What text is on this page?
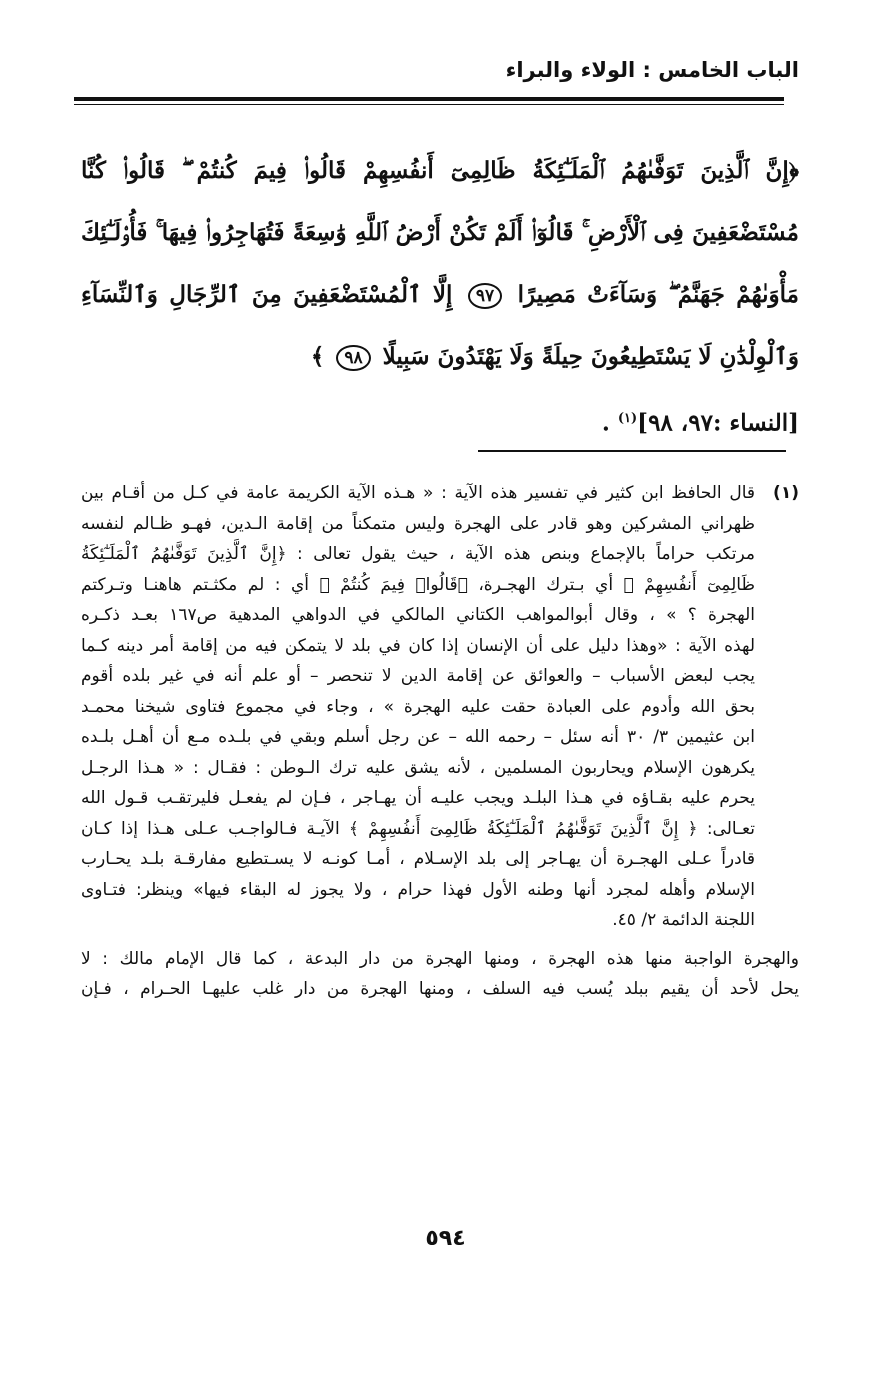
الباب الخامس : الولاء والبراء
﴿إِنَّ ٱلَّذِينَ تَوَفَّىٰهُمُ ٱلْمَلَـٰٓئِكَةُ ظَالِمِىٓ أَنفُسِهِمْ قَالُوا۟ فِيمَ كُنتُمْ ۖ قَالُوا۟ كُنَّا مُسْتَضْعَفِينَ فِى ٱلْأَرْضِ ۚ قَالُوٓا۟ أَلَمْ تَكُنْ أَرْضُ ٱللَّهِ وَٰسِعَةً فَتُهَاجِرُوا۟ فِيهَا ۚ فَأُو۟لَـٰٓئِكَ مَأْوَىٰهُمْ جَهَنَّمُ ۖ وَسَآءَتْ مَصِيرًا ٩٧ إِلَّا ٱلْمُسْتَضْعَفِينَ مِنَ ٱلرِّجَالِ وَٱلنِّسَآءِ وَٱلْوِلْدَٰنِ لَا يَسْتَطِيعُونَ حِيلَةً وَلَا يَهْتَدُونَ سَبِيلًا ٩٨ ﴾
[النساء :٩٧، ٩٨]$^{(١)}$ .
(١)
قال الحافظ ابن كثير في تفسير هذه الآية : « هـذه الآية الكريمة عامة في كـل من أقـام بين
ظهراني المشركين وهو قادر على الهجرة وليس متمكناً من إقامة الـدين، فهـو ظـالم لنفسه
مرتكب حراماً بالإجماع وبنص هذه الآية ، حيث يقول تعالى : ﴿إِنَّ ٱلَّذِينَ تَوَفَّىٰهُمُ ٱلْمَلَـٰٓئِكَةُ
ظَالِمِىٓ أَنفُسِهِمْ ﴾ أي بـترك الهجـرة، ﴿قَالُوا۟ فِيمَ كُنتُمْ ﴾ أي : لم مكثـتم هاهنـا وتـركتم
الهجرة ؟ » ، وقال أبوالمواهب الكتاني المالكي في الدواهي المدهية ص١٦٧ بعـد ذكـره
لهذه الآية : «وهذا دليل على أن الإنسان إذا كان في بلد لا يتمكن فيه من إقامة أمر دينه كـما
يجب لبعض الأسباب – والعوائق عن إقامة الدين لا تنحصر – أو علم أنه في غير بلده أقوم
بحق الله وأدوم على العبادة حقت عليه الهجرة » ، وجاء في مجموع فتاوى شيخنا محمـد
ابن عثيمين ٣/ ٣٠ أنه سئل – رحمه الله – عن رجل أسلم وبقي في بلـده مـع أن أهـل بلـده
يكرهون الإسلام ويحاربون المسلمين ، لأنه يشق عليه ترك الـوطن : فقـال : « هـذا الرجـل
يحرم عليه بقـاؤه في هـذا البلـد ويجب عليـه أن يهـاجر ، فـإن لم يفعـل فليرتقـب قـول الله
تعـالى: ﴿ إِنَّ ٱلَّذِينَ تَوَفَّىٰهُمُ ٱلْمَلَـٰٓئِكَةُ ظَالِمِىٓ أَنفُسِهِمْ ﴾ الآيـة فـالواجـب عـلى هـذا إذا كـان
قادراً عـلى الهجـرة أن يهـاجر إلى بلد الإسـلام ، أمـا كونـه لا يسـتطيع مفارقـة بلـد يحـارب
الإسلام وأهله لمجرد أنها وطنه الأول فهذا حرام ، ولا يجوز له البقاء فيها» وينظر: فتـاوى
اللجنة الدائمة ٢/ ٤٥.
والهجرة الواجبة منها هذه الهجرة ، ومنها الهجرة من دار البدعة ، كما قال الإمام مالك : لا
يحل لأحد أن يقيم ببلد يُسب فيه السلف ، ومنها الهجرة من دار غلب عليهـا الحـرام ، فـإن
٥٩٤
